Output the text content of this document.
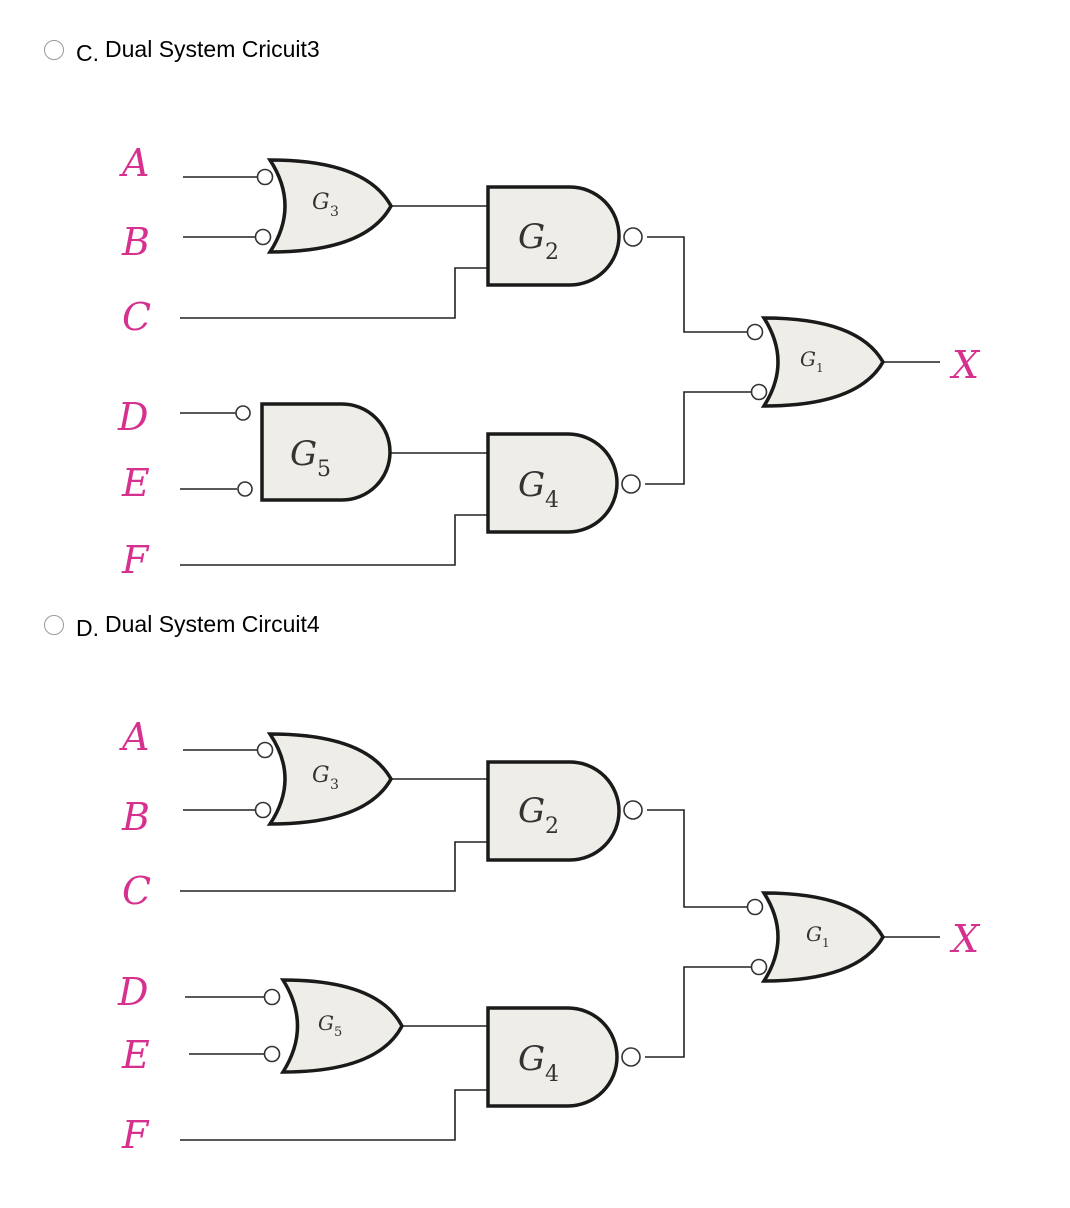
C. Dual System Cricuit3
A
B
C
D
E
F
X
G 3
G 2
G 5	G 4
G 1
D. Dual System Circuit4
A
B
C
D
E
F
X
G 3
G 2
G 5
G 4
G 1
